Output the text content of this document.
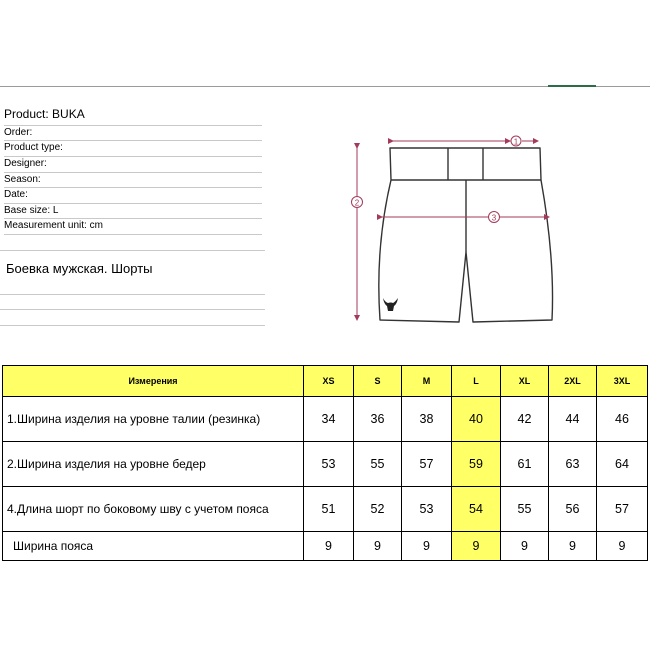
Product: BUKA
Order:
Product type:
Designer:
Season:
Date:
Base size: L
Measurement unit: cm
Боевка мужская. Шорты
1
2
3
Измерения	XS	S	M	L	XL	2XL	3XL
1.Ширина изделия на уровне талии (резинка)	34	36	38	40	42	44	46
2.Ширина изделия на уровне бедер	53	55	57	59	61	63	64
4.Длина шорт по боковому шву с учетом пояса	51	52	53	54	55	56	57
Ширина пояса	9	9	9	9	9	9	9
